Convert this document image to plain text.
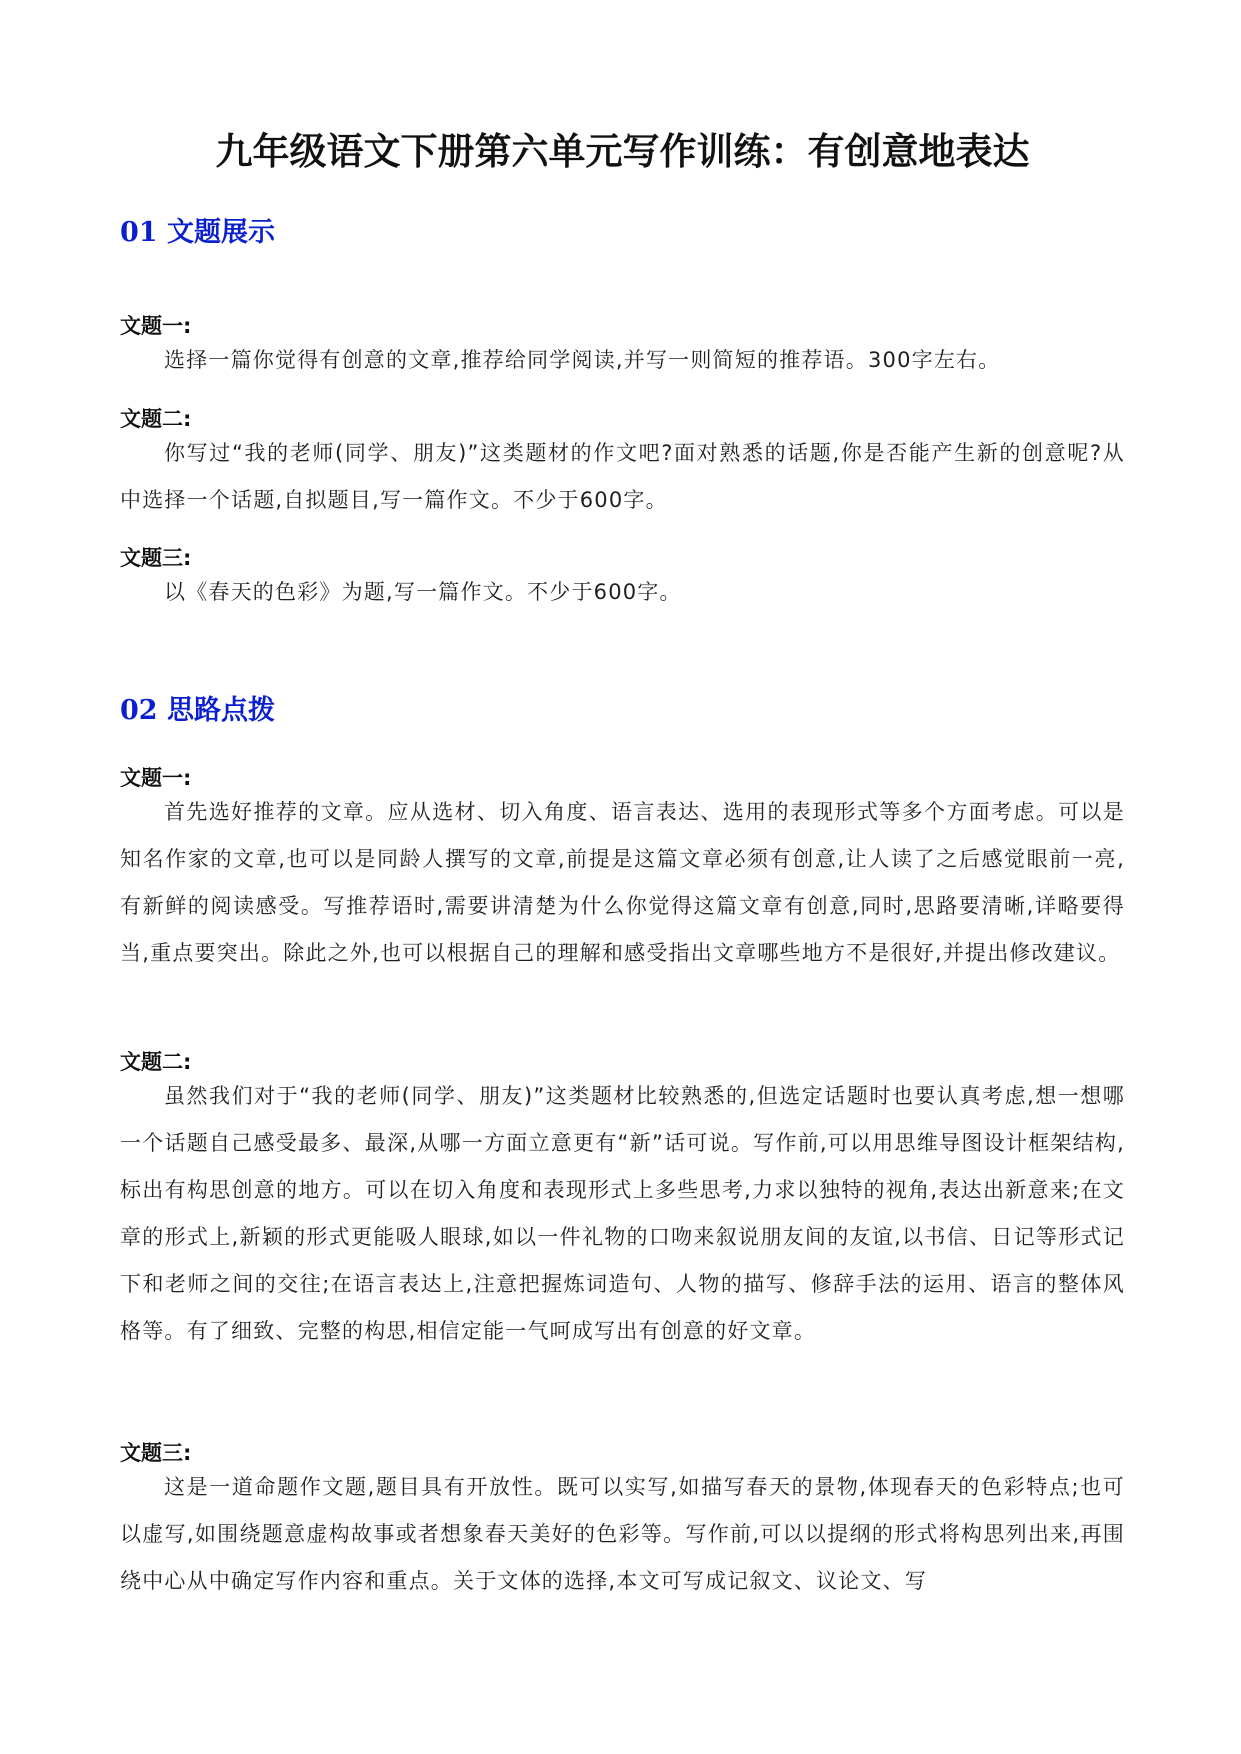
九年级语文下册第六单元写作训练：有创意地表达
01 文题展示
文题一:

选择一篇你觉得有创意的文章,推荐给同学阅读,并写一则简短的推荐语。300字左右。

文题二:

你写过“我的老师(同学、朋友)”这类题材的作文吧?面对熟悉的话题,你是否能产生新的创意呢?从中选择一个话题,自拟题目,写一篇作文。不少于600字。

文题三:

以《春天的色彩》为题,写一篇作文。不少于600字。

02 思路点拨
文题一:

首先选好推荐的文章。应从选材、切入角度、语言表达、选用的表现形式等多个方面考虑。可以是知名作家的文章,也可以是同龄人撰写的文章,前提是这篇文章必须有创意,让人读了之后感觉眼前一亮,有新鲜的阅读感受。写推荐语时,需要讲清楚为什么你觉得这篇文章有创意,同时,思路要清晰,详略要得当,重点要突出。除此之外,也可以根据自己的理解和感受指出文章哪些地方不是很好,并提出修改建议。

文题二:

虽然我们对于“我的老师(同学、朋友)”这类题材比较熟悉的,但选定话题时也要认真考虑,想一想哪一个话题自己感受最多、最深,从哪一方面立意更有“新”话可说。写作前,可以用思维导图设计框架结构,标出有构思创意的地方。可以在切入角度和表现形式上多些思考,力求以独特的视角,表达出新意来;在文章的形式上,新颖的形式更能吸人眼球,如以一件礼物的口吻来叙说朋友间的友谊,以书信、日记等形式记下和老师之间的交往;在语言表达上,注意把握炼词造句、人物的描写、修辞手法的运用、语言的整体风格等。有了细致、完整的构思,相信定能一气呵成写出有创意的好文章。

文题三:

这是一道命题作文题,题目具有开放性。既可以实写,如描写春天的景物,体现春天的色彩特点;也可以虚写,如围绕题意虚构故事或者想象春天美好的色彩等。写作前,可以以提纲的形式将构思列出来,再围绕中心从中确定写作内容和重点。关于文体的选择,本文可写成记叙文、议论文、写
